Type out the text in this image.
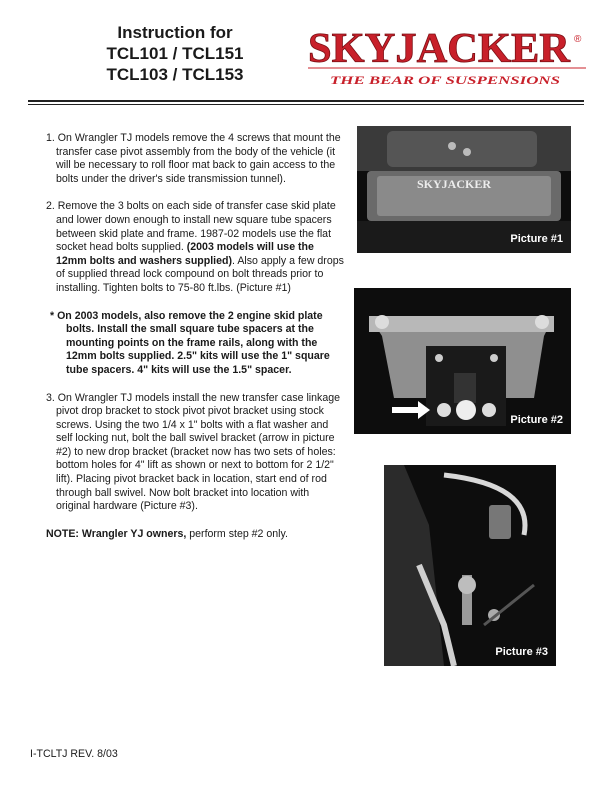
Instruction for
TCL101 / TCL151
TCL103 / TCL153
SKYJACKER ®
THE BEAR OF SUSPENSIONS
1. On Wrangler TJ models remove the 4 screws that mount the transfer case pivot assembly from the body of the vehicle (it will be necessary to roll floor mat back to gain access to the bolts under the driver's side transmission tunnel).
2. Remove the 3 bolts on each side of transfer case skid plate and lower down enough to install new square tube spacers between skid plate and frame. 1987-02 models use the flat socket head bolts supplied. (2003 models will use the 12mm bolts and washers supplied). Also apply a few drops of supplied thread lock compound on bolt threads prior to installing. Tighten bolts to 75-80 ft.lbs. (Picture #1)
* On 2003 models, also remove the 2 engine skid plate bolts. Install the small square tube spacers at the mounting points on the frame rails, along with the 12mm bolts supplied. 2.5" kits will use the 1" square tube spacers. 4" kits will use the 1.5" spacer.
3. On Wrangler TJ models install the new transfer case linkage pivot drop bracket to stock pivot pivot bracket using stock screws. Using the two 1/4 x 1" bolts with a flat washer and self locking nut, bolt the ball swivel bracket (arrow in picture #2) to new drop bracket (bracket now has two sets of holes: bottom holes for 4" lift as shown or next to bottom for 2 1/2" lift). Placing pivot bracket back in location, start end of rod through ball swivel. Now bolt bracket into location with original hardware (Picture #3).
NOTE: Wrangler YJ owners, perform step #2 only.
SKYJACKER
Picture #1
Picture #2
Picture #3
I-TCLTJ REV. 8/03
